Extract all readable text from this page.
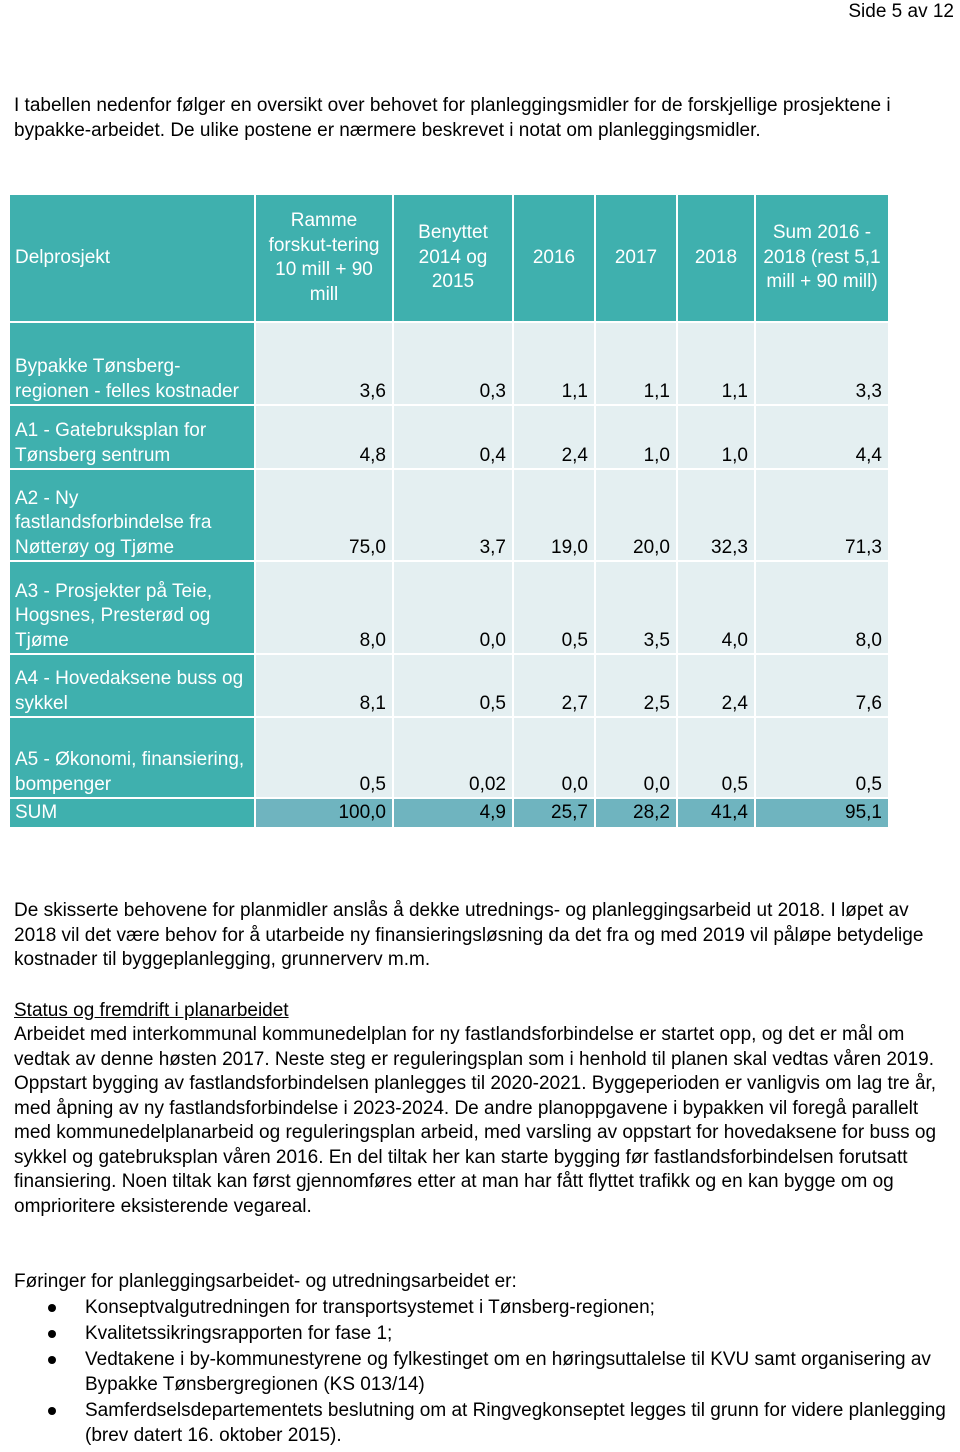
Side 5 av 12

I tabellen nedenfor følger en oversikt over behovet for planleggingsmidler for de forskjellige prosjektene i bypakke-arbeidet. De ulike postene er nærmere beskrevet i notat om planleggingsmidler.

Delprosjekt	Ramme forskut-tering 10 mill + 90 mill	Benyttet 2014 og 2015	2016	2017	2018	Sum 2016 - 2018 (rest 5,1 mill + 90 mill)
Bypakke Tønsberg-regionen - felles kostnader	3,6	0,3	1,1	1,1	1,1	3,3
A1 - Gatebruksplan for Tønsberg sentrum	4,8	0,4	2,4	1,0	1,0	4,4
A2 - Ny fastlandsforbindelse fra Nøtterøy og Tjøme	75,0	3,7	19,0	20,0	32,3	71,3
A3 - Prosjekter på Teie, Hogsnes, Presterød og Tjøme	8,0	0,0	0,5	3,5	4,0	8,0
A4 - Hovedaksene buss og sykkel	8,1	0,5	2,7	2,5	2,4	7,6
A5 - Økonomi, finansiering, bompenger	0,5	0,02	0,0	0,0	0,5	0,5
SUM	100,0	4,9	25,7	28,2	41,4	95,1

De skisserte behovene for planmidler anslås å dekke utrednings- og planleggingsarbeid ut 2018. I løpet av 2018 vil det være behov for å utarbeide ny finansieringsløsning da det fra og med 2019 vil påløpe betydelige kostnader til byggeplanlegging, grunnerverv m.m.

Status og fremdrift i planarbeidet

Arbeidet med interkommunal kommunedelplan for ny fastlandsforbindelse er startet opp, og det er mål om vedtak av denne høsten 2017. Neste steg er reguleringsplan som i henhold til planen skal vedtas våren 2019. Oppstart bygging av fastlandsforbindelsen planlegges til 2020-2021. Byggeperioden er vanligvis om lag tre år, med åpning av ny fastlandsforbindelse i 2023-2024. De andre planoppgavene i bypakken vil foregå parallelt med kommunedelplanarbeid og reguleringsplan arbeid, med varsling av oppstart for hovedaksene for buss og sykkel og gatebruksplan våren 2016. En del tiltak her kan starte bygging før fastlandsforbindelsen forutsatt finansiering. Noen tiltak kan først gjennomføres etter at man har fått flyttet trafikk og en kan bygge om og omprioritere eksisterende vegareal.

Føringer for planleggingsarbeidet- og utredningsarbeidet er:

Konseptvalgutredningen for transportsystemet i Tønsberg-regionen;
Kvalitetssikringsrapporten for fase 1;
Vedtakene i by-kommunestyrene og fylkestinget om en høringsuttalelse til KVU samt organisering av Bypakke Tønsbergregionen (KS 013/14)
Samferdselsdepartementets beslutning om at Ringvegkonseptet legges til grunn for videre planlegging (brev datert 16. oktober 2015).
